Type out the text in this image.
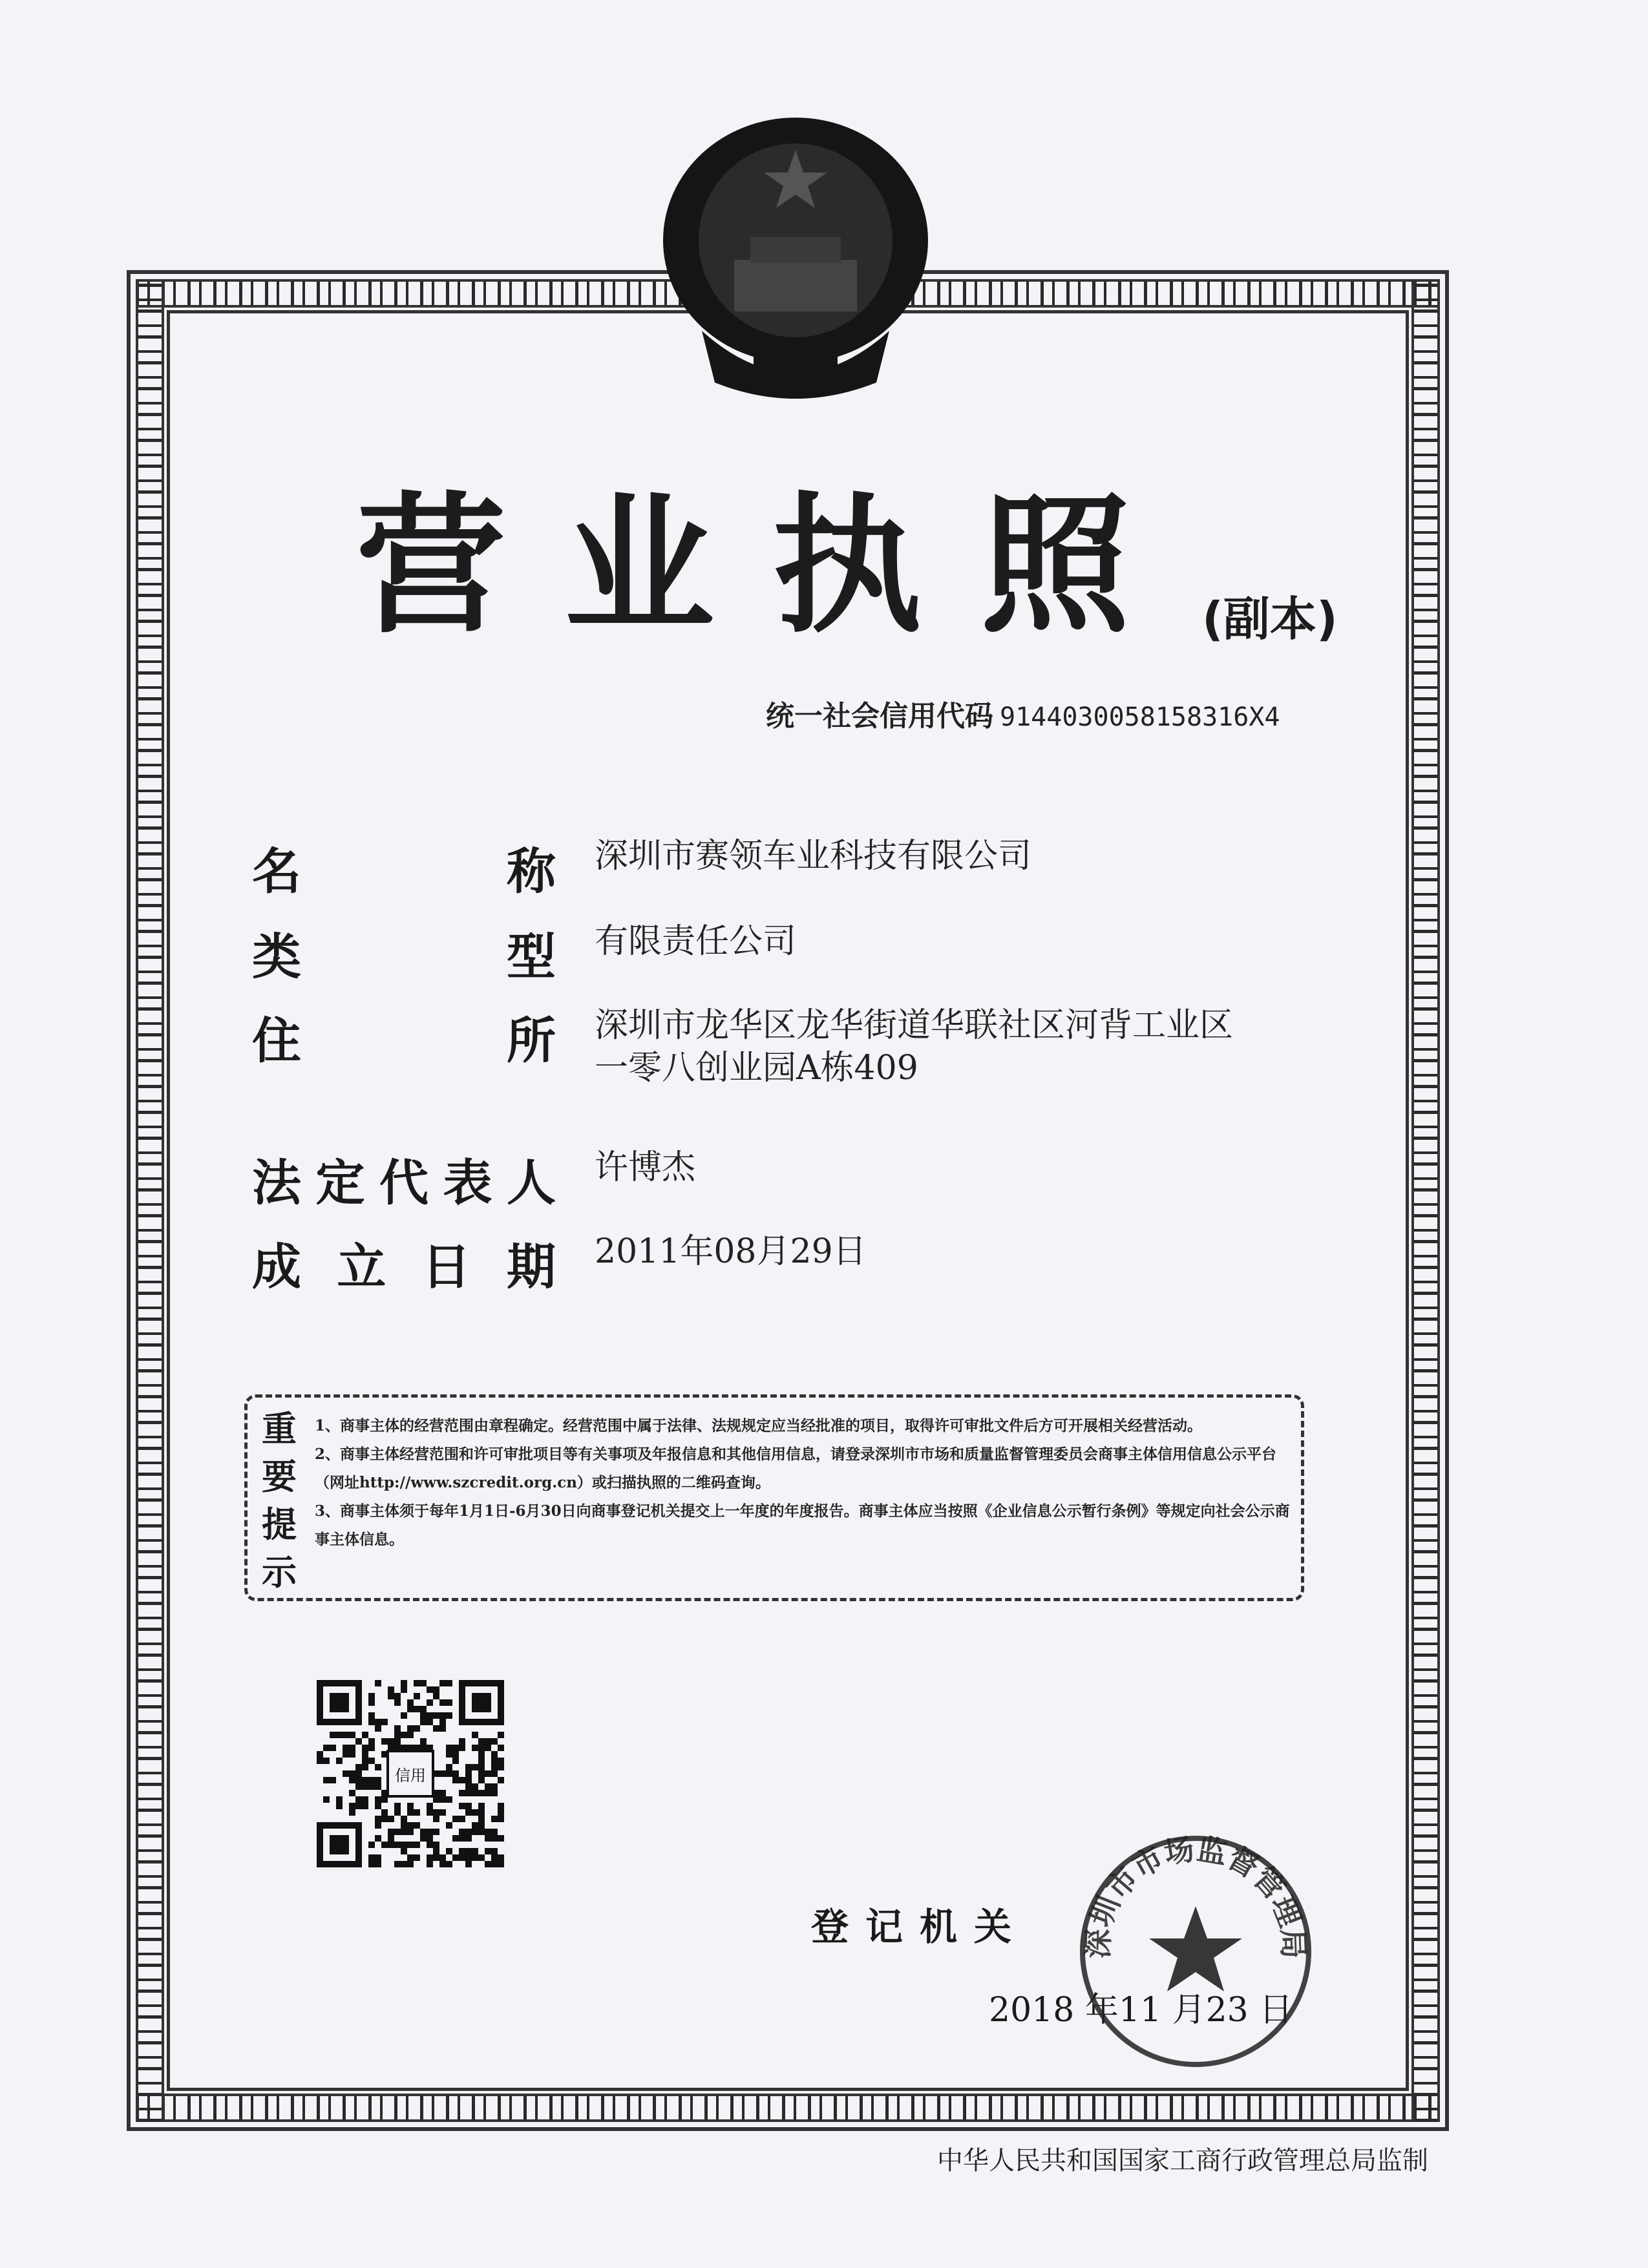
营业执照 (副本)
统一社会信用代码 9144030058158316X4
名	称 深圳市赛领车业科技有限公司
类	型 有限责任公司
住	所 深圳市龙华区龙华街道华联社区河背工业区
一零八创业园A栋409
法 定 代 表 人 许博杰
成 立 日 期 2011年08月29日
重要提示

1、商事主体的经营范围由章程确定。经营范围中属于法律、法规规定应当经批准的项目，取得许可审批文件后方可开展相关经营活动。

2、商事主体经营范围和许可审批项目等有关事项及年报信息和其他信用信息，请登录深圳市市场和质量监督管理委员会商事主体信用信息公示平台（网址http://www.szcredit.org.cn）或扫描执照的二维码查询。

3、商事主体须于每年1月1日-6月30日向商事登记机关提交上一年度的年度报告。商事主体应当按照《企业信息公示暂行条例》等规定向社会公示商事主体信息。

信用
登记机关
2018 年11 月23 日
深圳市市场监督管理局
中华人民共和国国家工商行政管理总局监制
